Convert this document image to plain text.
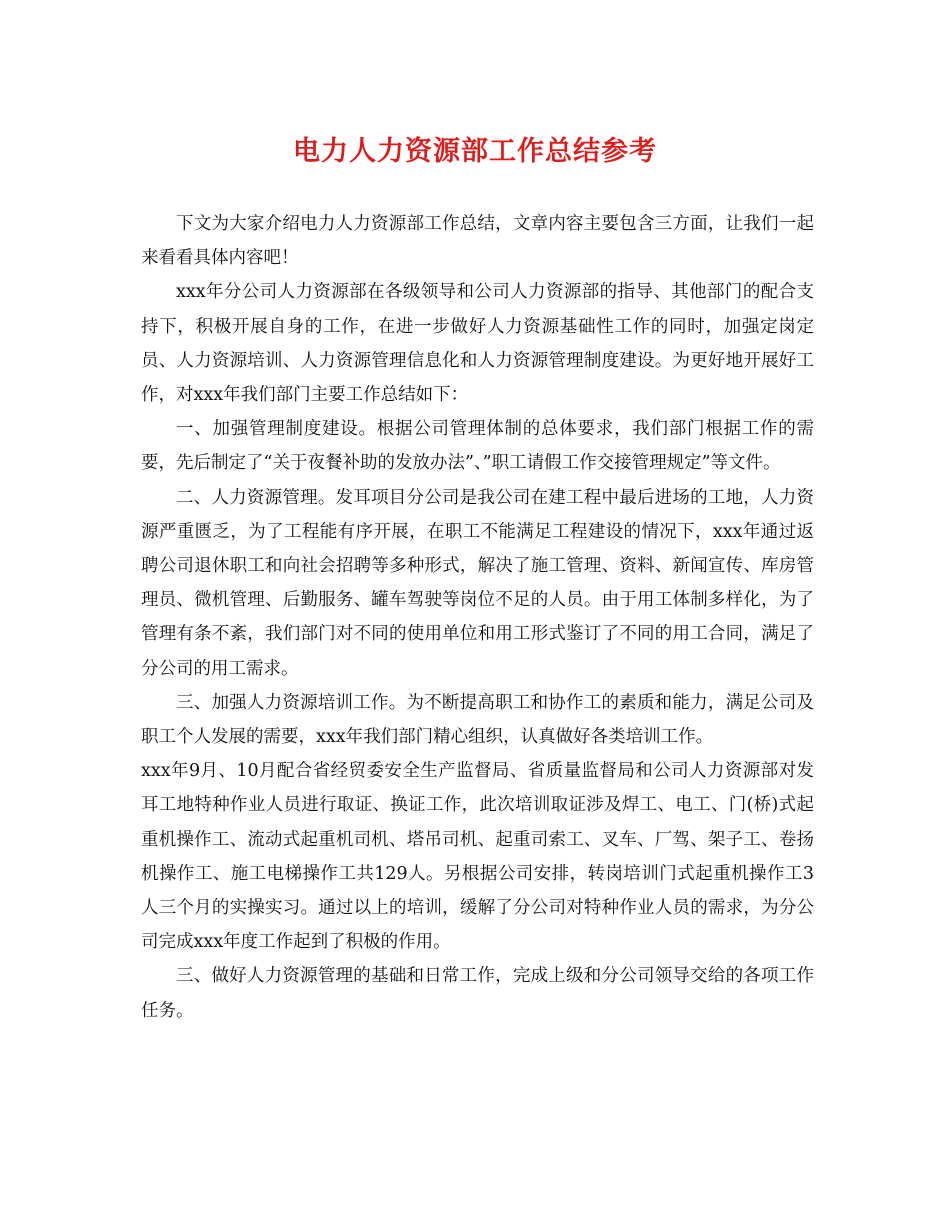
电力人力资源部工作总结参考

下文为大家介绍电力人力资源部工作总结，文章内容主要包含三方面，让我们一起来看看具体内容吧！

xxx年分公司人力资源部在各级领导和公司人力资源部的指导、其他部门的配合支持下，积极开展自身的工作，在进一步做好人力资源基础性工作的同时，加强定岗定员、人力资源培训、人力资源管理信息化和人力资源管理制度建设。为更好地开展好工作，对xxx年我们部门主要工作总结如下：

一、加强管理制度建设。根据公司管理体制的总体要求，我们部门根据工作的需要，先后制定了“关于夜餐补助的发放办法”、”职工请假工作交接管理规定”等文件。

二、人力资源管理。发耳项目分公司是我公司在建工程中最后进场的工地，人力资源严重匮乏，为了工程能有序开展，在职工不能满足工程建设的情况下，xxx年通过返聘公司退休职工和向社会招聘等多种形式，解决了施工管理、资料、新闻宣传、库房管理员、微机管理、后勤服务、罐车驾驶等岗位不足的人员。由于用工体制多样化，为了管理有条不紊，我们部门对不同的使用单位和用工形式鉴订了不同的用工合同，满足了分公司的用工需求。

三、加强人力资源培训工作。为不断提高职工和协作工的素质和能力，满足公司及职工个人发展的需要，xxx年我们部门精心组织，认真做好各类培训工作。

xxx年9月、10月配合省经贸委安全生产监督局、省质量监督局和公司人力资源部对发耳工地特种作业人员进行取证、换证工作，此次培训取证涉及焊工、电工、门(桥)式起重机操作工、流动式起重机司机、塔吊司机、起重司索工、叉车、厂驾、架子工、卷扬机操作工、施工电梯操作工共129人。另根据公司安排，转岗培训门式起重机操作工3人三个月的实操实习。通过以上的培训，缓解了分公司对特种作业人员的需求，为分公司完成xxx年度工作起到了积极的作用。

三、做好人力资源管理的基础和日常工作，完成上级和分公司领导交给的各项工作任务。
